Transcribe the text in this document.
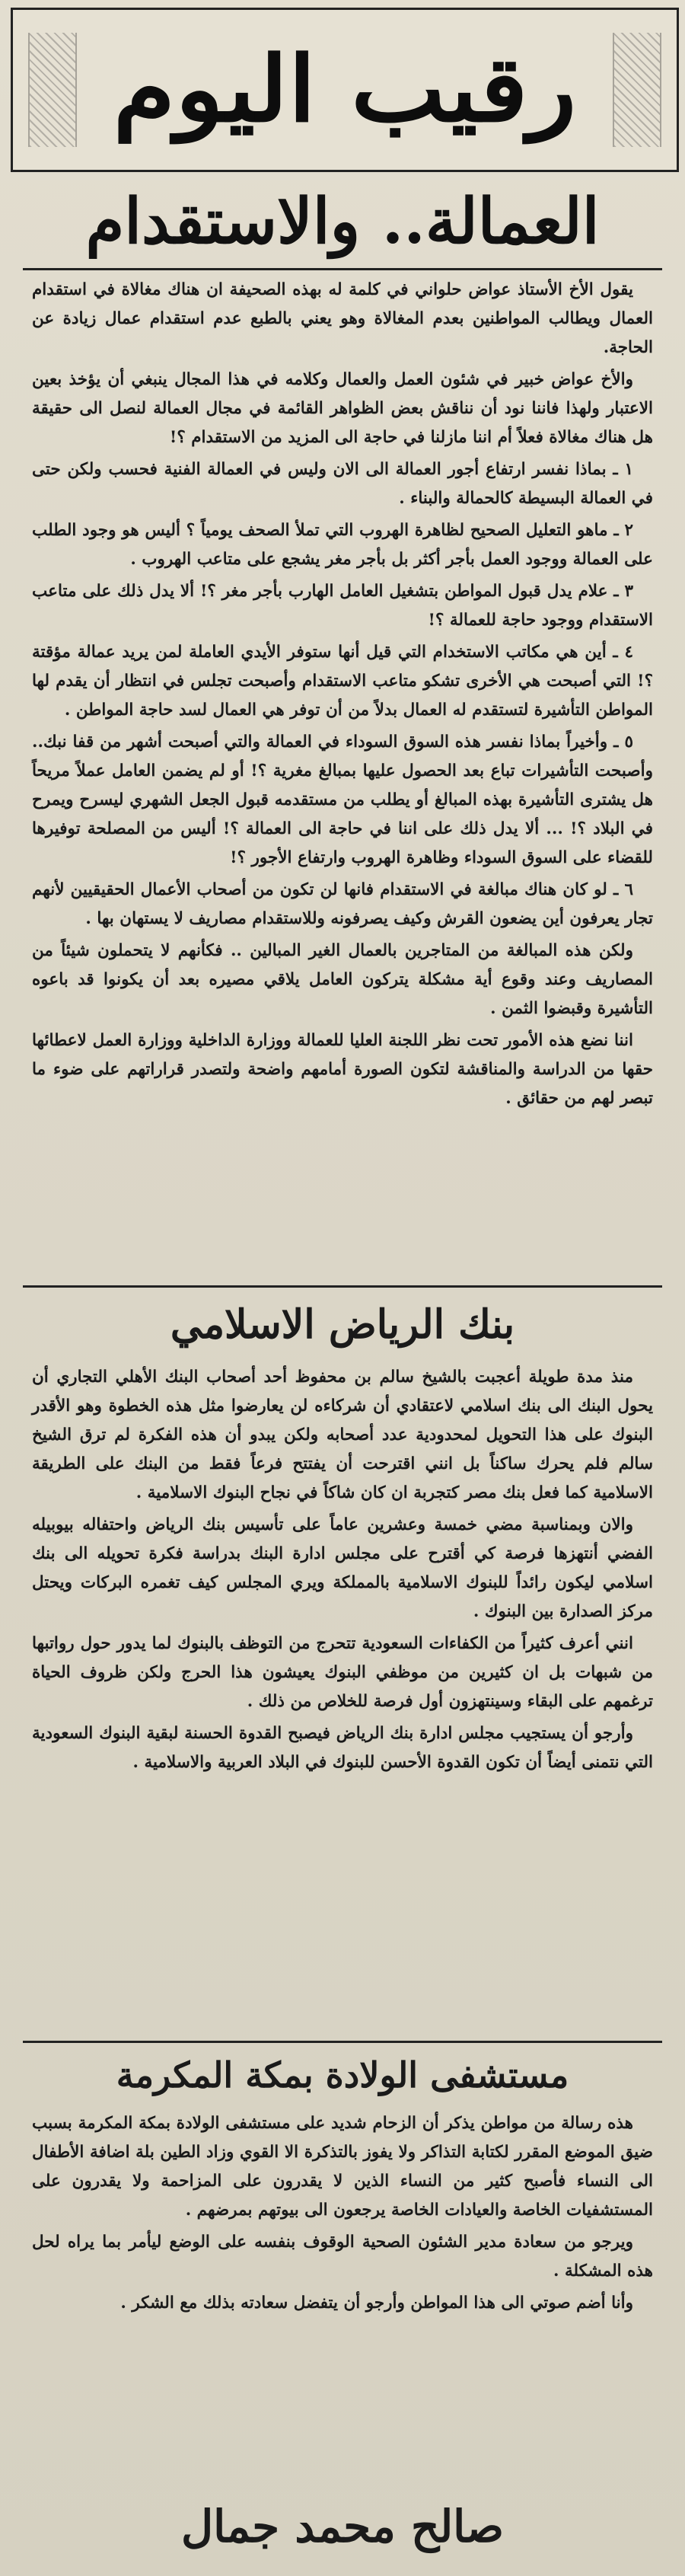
رقيب اليوم
العمالة.. والاستقدام

يقول الأخ الأستاذ عواض حلواني في كلمة له بهذه الصحيفة ان هناك مغالاة في استقدام العمال ويطالب المواطنين بعدم المغالاة وهو يعني بالطبع عدم استقدام عمال زيادة عن الحاجة.

والأخ عواض خبير في شئون العمل والعمال وكلامه في هذا المجال ينبغي أن يؤخذ بعين الاعتبار ولهذا فاننا نود أن نناقش بعض الظواهر القائمة في مجال العمالة لنصل الى حقيقة هل هناك مغالاة فعلاً أم اننا مازلنا في حاجة الى المزيد من الاستقدام ؟!

١ ـ بماذا نفسر ارتفاع أجور العمالة الى الان وليس في العمالة الفنية فحسب ولكن حتى في العمالة البسيطة كالحمالة والبناء .

٢ ـ ماهو التعليل الصحيح لظاهرة الهروب التي تملأ الصحف يومياً ؟ أليس هو وجود الطلب على العمالة ووجود العمل بأجر أكثر بل بأجر مغر يشجع على متاعب الهروب .

٣ ـ علام يدل قبول المواطن بتشغيل العامل الهارب بأجر مغر ؟! ألا يدل ذلك على متاعب الاستقدام ووجود حاجة للعمالة ؟!

٤ ـ أين هي مكاتب الاستخدام التي قيل أنها ستوفر الأيدي العاملة لمن يريد عمالة مؤقتة ؟! التي أصبحت هي الأخرى تشكو متاعب الاستقدام وأصبحت تجلس في انتظار أن يقدم لها المواطن التأشيرة لتستقدم له العمال بدلاً من أن توفر هي العمال لسد حاجة المواطن .

٥ ـ وأخيراً بماذا نفسر هذه السوق السوداء في العمالة والتي أصبحت أشهر من قفا نبك.. وأصبحت التأشيرات تباع بعد الحصول عليها بمبالغ مغرية ؟! أو لم يضمن العامل عملاً مريحاً هل يشترى التأشيرة بهذه المبالغ أو يطلب من مستقدمه قبول الجعل الشهري ليسرح ويمرح في البلاد ؟! ... ألا يدل ذلك على اننا في حاجة الى العمالة ؟! أليس من المصلحة توفيرها للقضاء على السوق السوداء وظاهرة الهروب وارتفاع الأجور ؟!

٦ ـ لو كان هناك مبالغة في الاستقدام فانها لن تكون من أصحاب الأعمال الحقيقيين لأنهم تجار يعرفون أين يضعون القرش وكيف يصرفونه وللاستقدام مصاريف لا يستهان بها .

ولكن هذه المبالغة من المتاجرين بالعمال الغير المبالين .. فكأنهم لا يتحملون شيئاً من المصاريف وعند وقوع أية مشكلة يتركون العامل يلاقي مصيره بعد أن يكونوا قد باعوه التأشيرة وقبضوا الثمن .

اننا نضع هذه الأمور تحت نظر اللجنة العليا للعمالة ووزارة الداخلية ووزارة العمل لاعطائها حقها من الدراسة والمناقشة لتكون الصورة أمامهم واضحة ولتصدر قراراتهم على ضوء ما تبصر لهم من حقائق .

بنك الرياض الاسلامي

منذ مدة طويلة أعجبت بالشيخ سالم بن محفوظ أحد أصحاب البنك الأهلي التجاري أن يحول البنك الى بنك اسلامي لاعتقادي أن شركاءه لن يعارضوا مثل هذه الخطوة وهو الأقدر البنوك على هذا التحويل لمحدودية عدد أصحابه ولكن يبدو أن هذه الفكرة لم ترق الشيخ سالم فلم يحرك ساكناً بل انني اقترحت أن يفتتح فرعاً فقط من البنك على الطريقة الاسلامية كما فعل بنك مصر كتجربة ان كان شاكاً في نجاح البنوك الاسلامية .

والان وبمناسبة مضي خمسة وعشرين عاماً على تأسيس بنك الرياض واحتفاله بيوبيله الفضي أنتهزها فرصة كي أقترح على مجلس ادارة البنك بدراسة فكرة تحويله الى بنك اسلامي ليكون رائداً للبنوك الاسلامية بالمملكة ويري المجلس كيف تغمره البركات ويحتل مركز الصدارة بين البنوك .

انني أعرف كثيراً من الكفاءات السعودية تتحرج من التوظف بالبنوك لما يدور حول رواتبها من شبهات بل ان كثيرين من موظفي البنوك يعيشون هذا الحرج ولكن ظروف الحياة ترغمهم على البقاء وسينتهزون أول فرصة للخلاص من ذلك .

وأرجو أن يستجيب مجلس ادارة بنك الرياض فيصبح القدوة الحسنة لبقية البنوك السعودية التي نتمنى أيضاً أن تكون القدوة الأحسن للبنوك في البلاد العربية والاسلامية .

مستشفى الولادة بمكة المكرمة

هذه رسالة من مواطن يذكر أن الزحام شديد على مستشفى الولادة بمكة المكرمة بسبب ضيق الموضع المقرر لكتابة التذاكر ولا يفوز بالتذكرة الا القوي وزاد الطين بلة اضافة الأطفال الى النساء فأصبح كثير من النساء الذين لا يقدرون على المزاحمة ولا يقدرون على المستشفيات الخاصة والعيادات الخاصة يرجعون الى بيوتهم بمرضهم .

ويرجو من سعادة مدير الشئون الصحية الوقوف بنفسه على الوضع ليأمر بما يراه لحل هذه المشكلة .

وأنا أضم صوتي الى هذا المواطن وأرجو أن يتفضل سعادته بذلك مع الشكر .

صالح محمد جمال
